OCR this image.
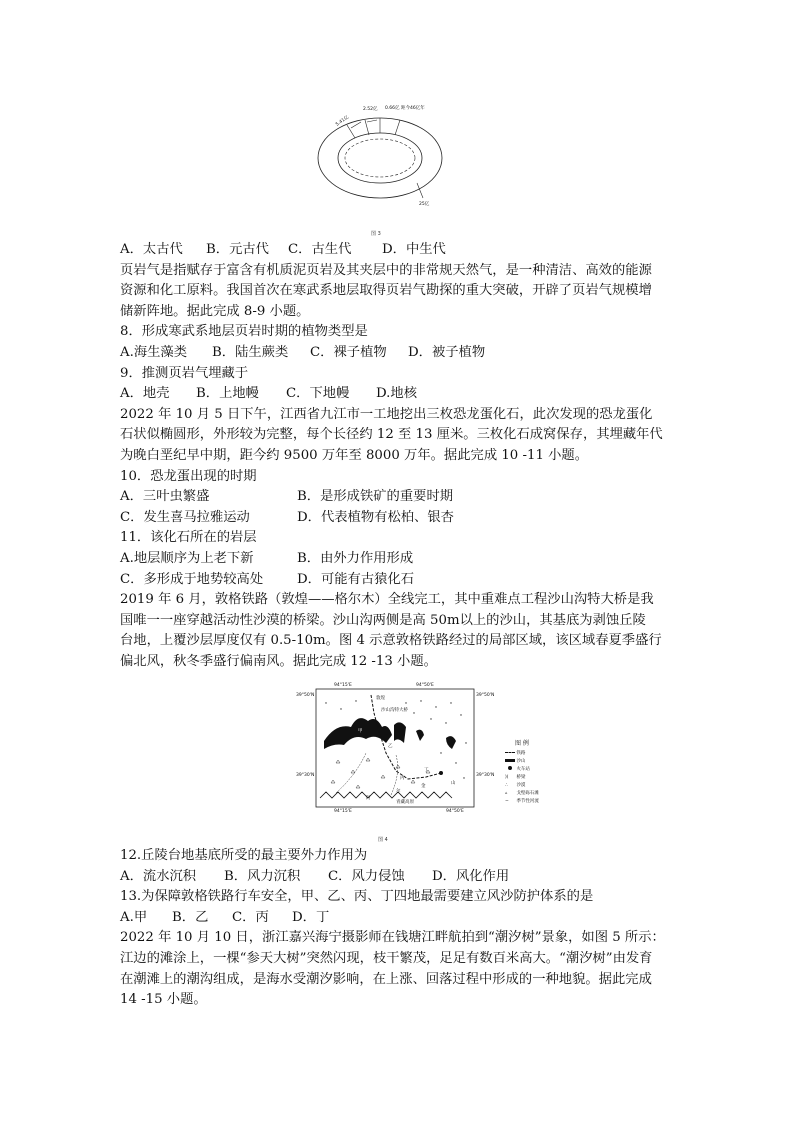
5.41亿
2.52亿 0.66亿 距今46亿年
25亿
图 3

A．太古代	B．元古代	C．古生代	D．中生代

页岩气是指赋存于富含有机质泥页岩及其夹层中的非常规天然气，是一种清洁、高效的能源

资源和化工原料。我国首次在寒武系地层取得页岩气勘探的重大突破，开辟了页岩气规模增

储新阵地。据此完成 8-9 小题。

8．形成寒武系地层页岩时期的植物类型是

A.海生藻类	B．陆生蕨类	C．裸子植物	D．被子植物

9．推测页岩气埋藏于

A．地壳	B．上地幔	C．下地幔	D.地核

2022 年 10 月 5 日下午，江西省九江市一工地挖出三枚恐龙蛋化石，此次发现的恐龙蛋化

石状似椭圆形，外形较为完整，每个长径约 12 至 13 厘米。三枚化石成窝保存，其埋藏年代

为晚白垩纪早中期，距今约 9500 万年至 8000 万年。据此完成 10 -11 小题。

10．恐龙蛋出现的时期

A．三叶虫繁盛	B．是形成铁矿的重要时期

C．发生喜马拉雅运动	D．代表植物有松柏、银杏

11．该化石所在的岩层

A.地层顺序为上老下新	B．由外力作用形成

C．多形成于地势较高处	D．可能有古猿化石

2019 年 6 月，敦格铁路（敦煌——格尔木）全线完工，其中重难点工程沙山沟特大桥是我

国唯一一座穿越活动性沙漠的桥梁。沙山沟两侧是高 50m以上的沙山，其基底为剥蚀丘陵

台地，上覆沙层厚度仅有 0.5-10m。图 4 示意敦格铁路经过的局部区域，该区域春夏季盛行

偏北风，秋冬季盛行偏南风。据此完成 12 -13 小题。

94°15'E	94°50'E
39°50'N	39°50'N
39°30'N	39°30'N
94°15'E	94°50'E
敦煌
沙山沟特大桥
阿
尔
金
山
青藏高原
甲
乙
丙
丁
图 例
铁路
沙山
火车站
)( 桥梁
∴ 沙漠
▵ 戈壁砾石滩
∼ 季节性河流
图 4

12.丘陵台地基底所受的最主要外力作用为

A．流水沉积	B．风力沉积	C．风力侵蚀	D．风化作用

13.为保障敦格铁路行车安全，甲、乙、丙、丁四地最需要建立风沙防护体系的是

A.甲	B．乙	C．丙	D．丁

2022 年 10 月 10 日，浙江嘉兴海宁摄影师在钱塘江畔航拍到“潮汐树”景象，如图 5 所示：

江边的滩涂上，一棵“参天大树”突然闪现，枝干繁茂，足足有数百米高大。“潮汐树”由发育

在潮滩上的潮沟组成，是海水受潮汐影响，在上涨、回落过程中形成的一种地貌。据此完成

14 -15 小题。
